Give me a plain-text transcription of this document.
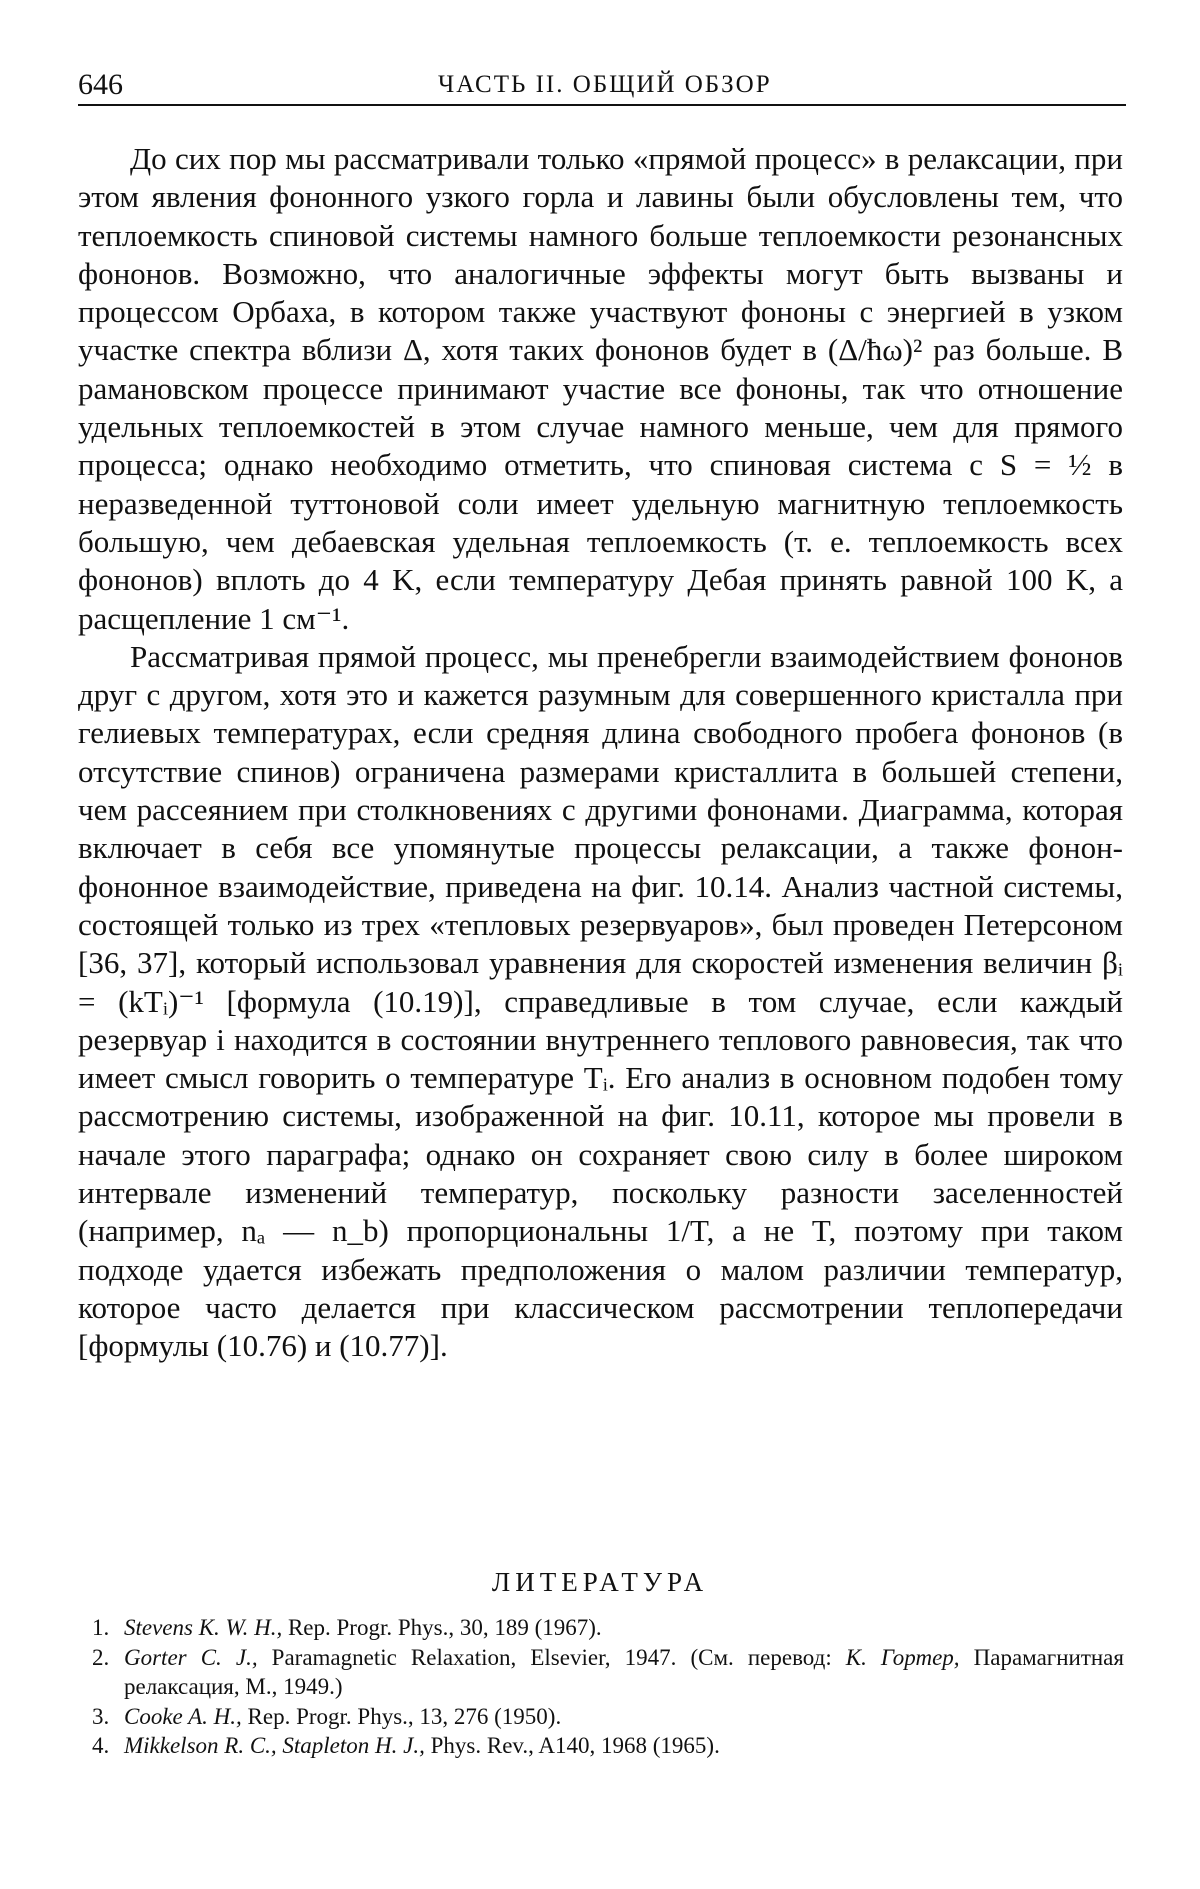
646	ЧАСТЬ II. ОБЩИЙ ОБЗОР

До сих пор мы рассматривали только «прямой процесс» в релаксации, при этом явления фононного узкого горла и лавины были обусловлены тем, что теплоемкость спиновой системы намного больше теплоемкости резонансных фононов. Возможно, что аналогичные эффекты могут быть вызваны и процессом Орбаха, в котором также участвуют фононы с энергией в узком участке спектра вблизи Δ, хотя таких фононов будет в (Δ/ħω)² раз больше. В рамановском процессе принимают участие все фононы, так что отношение удельных теплоемкостей в этом случае намного меньше, чем для прямого процесса; однако необходимо отметить, что спиновая система с S = ½ в неразведенной туттоновой соли имеет удельную магнитную теплоемкость большую, чем дебаевская удельная теплоемкость (т. е. теплоемкость всех фононов) вплоть до 4 K, если температуру Дебая принять равной 100 K, а расщепление 1 см⁻¹.

Рассматривая прямой процесс, мы пренебрегли взаимодействием фононов друг с другом, хотя это и кажется разумным для совершенного кристалла при гелиевых температурах, если средняя длина свободного пробега фононов (в отсутствие спинов) ограничена размерами кристаллита в большей степени, чем рассеянием при столкновениях с другими фононами. Диаграмма, которая включает в себя все упомянутые процессы релаксации, а также фонон-фононное взаимодействие, приведена на фиг. 10.14. Анализ частной системы, состоящей только из трех «тепловых резервуаров», был проведен Петерсоном [36, 37], который использовал уравнения для скоростей изменения величин βᵢ = (kTᵢ)⁻¹ [формула (10.19)], справедливые в том случае, если каждый резервуар i находится в состоянии внутреннего теплового равновесия, так что имеет смысл говорить о температуре Tᵢ. Его анализ в основном подобен тому рассмотрению системы, изображенной на фиг. 10.11, которое мы провели в начале этого параграфа; однако он сохраняет свою силу в более широком интервале изменений температур, поскольку разности заселенностей (например, nₐ — n_b) пропорциональны 1/T, а не T, поэтому при таком подходе удается избежать предположения о малом различии температур, которое часто делается при классическом рассмотрении теплопередачи [формулы (10.76) и (10.77)].

ЛИТЕРАТУРА
1. Stevens K. W. H., Rep. Progr. Phys., 30, 189 (1967).
2. Gorter C. J., Paramagnetic Relaxation, Elsevier, 1947. (См. перевод: К. Гортер, Парамагнитная релаксация, М., 1949.)
3. Cooke A. H., Rep. Progr. Phys., 13, 276 (1950).
4. Mikkelson R. C., Stapleton H. J., Phys. Rev., A140, 1968 (1965).
